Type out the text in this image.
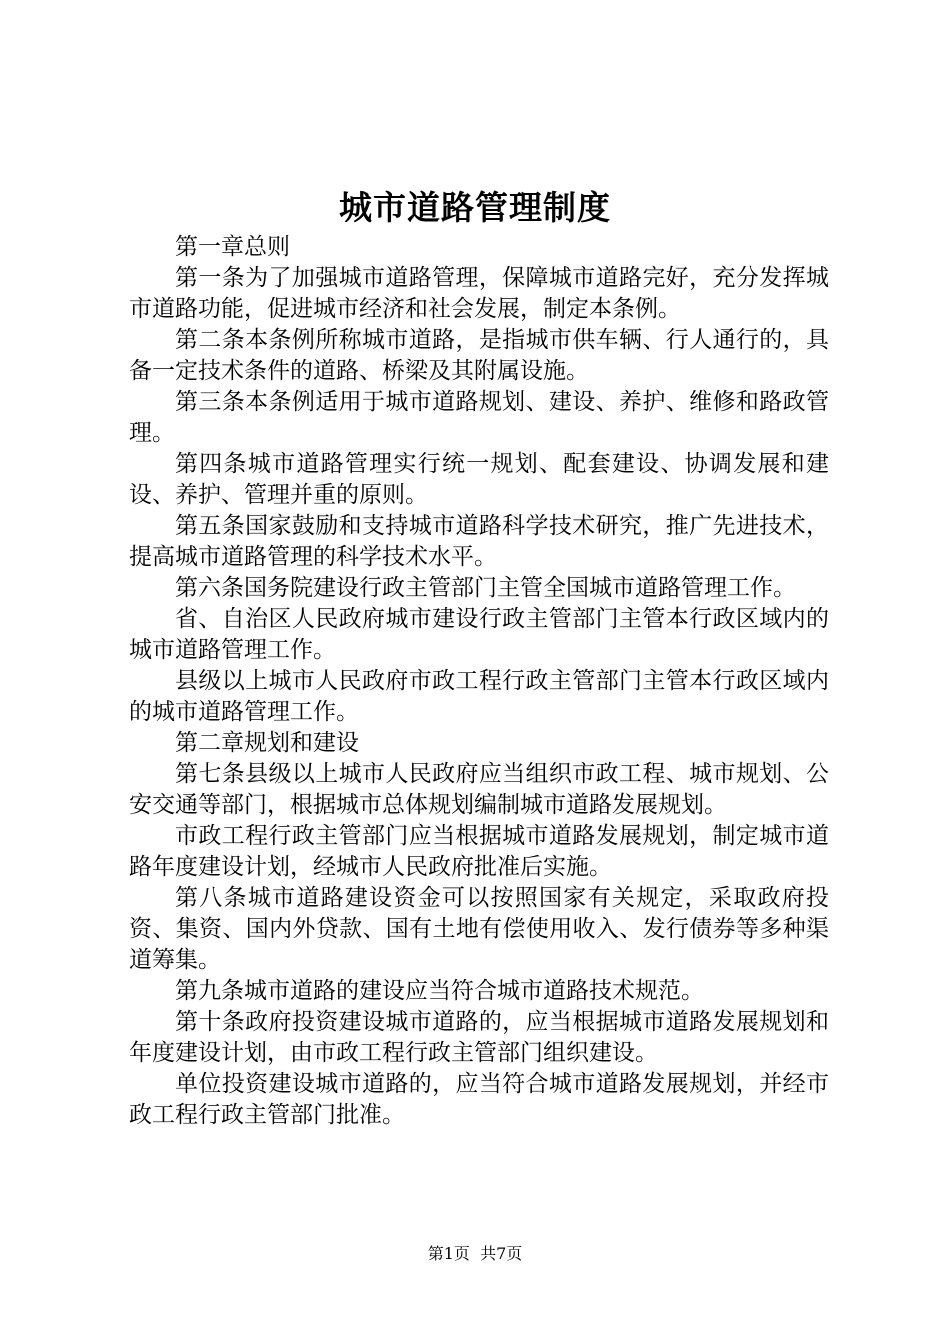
城市道路管理制度

第一章总则

第一条为了加强城市道路管理，保障城市道路完好，充分发挥城市道路功能，促进城市经济和社会发展，制定本条例。

第二条本条例所称城市道路，是指城市供车辆、行人通行的，具备一定技术条件的道路、桥梁及其附属设施。

第三条本条例适用于城市道路规划、建设、养护、维修和路政管理。

第四条城市道路管理实行统一规划、配套建设、协调发展和建设、养护、管理并重的原则。

第五条国家鼓励和支持城市道路科学技术研究，推广先进技术，提高城市道路管理的科学技术水平。

第六条国务院建设行政主管部门主管全国城市道路管理工作。

省、自治区人民政府城市建设行政主管部门主管本行政区域内的城市道路管理工作。

县级以上城市人民政府市政工程行政主管部门主管本行政区域内的城市道路管理工作。

第二章规划和建设

第七条县级以上城市人民政府应当组织市政工程、城市规划、公安交通等部门，根据城市总体规划编制城市道路发展规划。

市政工程行政主管部门应当根据城市道路发展规划，制定城市道路年度建设计划，经城市人民政府批准后实施。

第八条城市道路建设资金可以按照国家有关规定，采取政府投资、集资、国内外贷款、国有土地有偿使用收入、发行债券等多种渠道筹集。

第九条城市道路的建设应当符合城市道路技术规范。

第十条政府投资建设城市道路的，应当根据城市道路发展规划和年度建设计划，由市政工程行政主管部门组织建设。

单位投资建设城市道路的，应当符合城市道路发展规划，并经市政工程行政主管部门批准。

第1页 共7页
